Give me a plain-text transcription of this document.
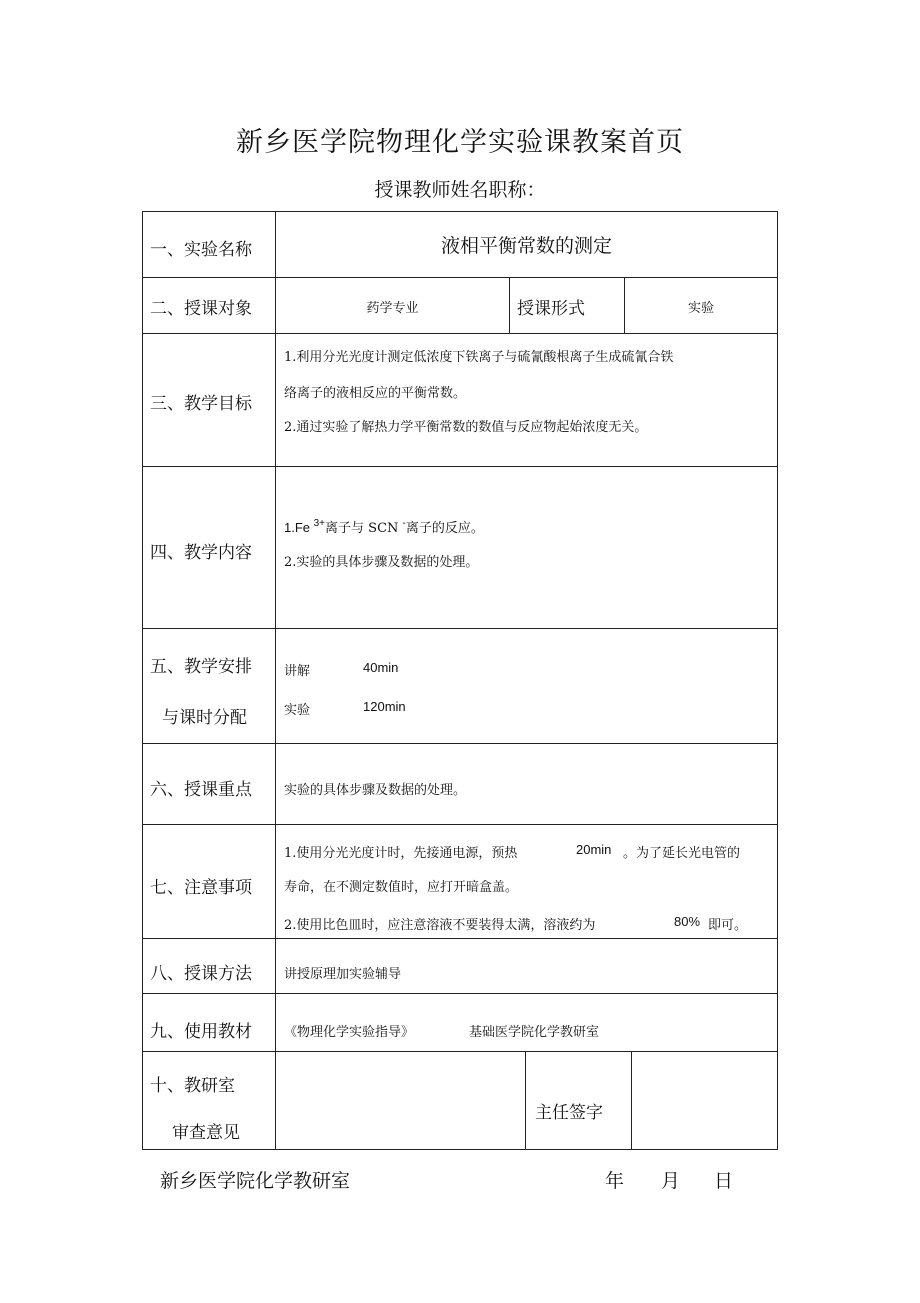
新乡医学院物理化学实验课教案首页
授课教师姓名职称：
一、实验名称	液相平衡常数的测定
二、授课对象	药学专业	授课形式	实验
三、教学目标
1.利用分光光度计测定低浓度下铁离子与硫氰酸根离子生成硫氰合铁
络离子的液相反应的平衡常数。
2.通过实验了解热力学平衡常数的数值与反应物起始浓度无关。
四、教学内容
1.Fe $^{3+}$离子与 SCN -离子的反应。
2.实验的具体步骤及数据的处理。
五、教学安排
与课时分配
讲解	40min
实验	120min
六、授课重点 实验的具体步骤及数据的处理。
七、注意事项
1.使用分光光度计时，先接通电源，预热	20min 。为了延长光电管的
寿命，在不测定数值时，应打开暗盒盖。
2.使用比色皿时，应注意溶液不要装得太满，溶液约为	80% 即可。
八、授课方法 讲授原理加实验辅导
九、使用教材 《物理化学实验指导》	基础医学院化学教研室
十、教研室
审查意见
主任签字
新乡医学院化学教研室	年 月 日
